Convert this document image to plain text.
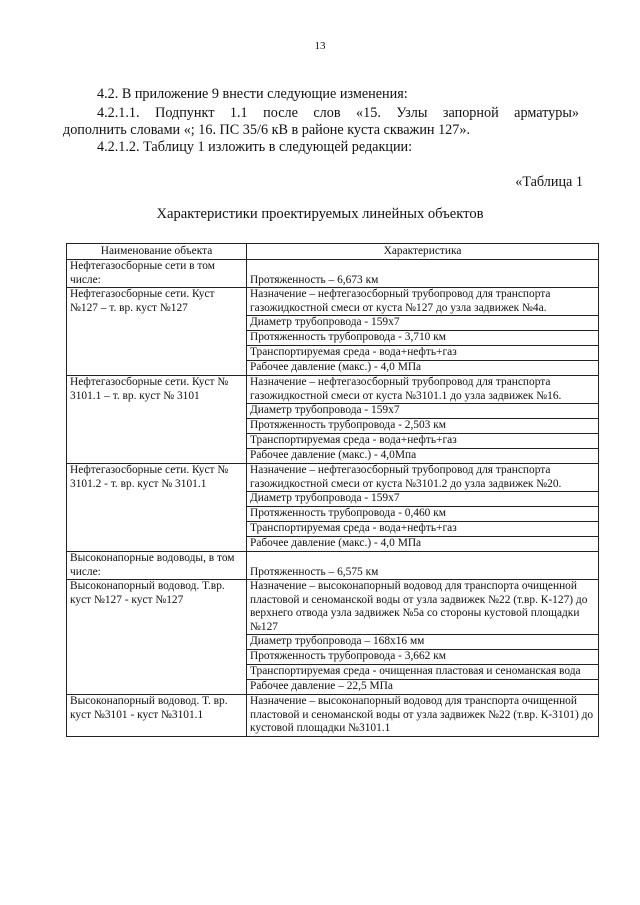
13
4.2. В приложение 9 внести следующие изменения:
4.2.1.1. Подпункт 1.1 после слов «15. Узлы запорной арматуры»
дополнить словами «; 16. ПС 35/6 кВ в районе куста скважин 127».
4.2.1.2. Таблицу 1 изложить в следующей редакции:
«Таблица 1
Характеристики проектируемых линейных объектов
Наименование объекта	Характеристика
Нефтегазосборные сети в том числе:	Протяженность – 6,673 км
Нефтегазосборные сети. Куст №127 – т. вр. куст №127	Назначение – нефтегазосборный трубопровод для транспорта газожидкостной смеси от куста №127 до узла задвижек №4а.
	Диаметр трубопровода - 159х7
	Протяженность трубопровода - 3,710 км
	Транспортируемая среда - вода+нефть+газ
	Рабочее давление (макс.) - 4,0 МПа
Нефтегазосборные сети. Куст № 3101.1 – т. вр. куст № 3101	Назначение – нефтегазосборный трубопровод для транспорта газожидкостной смеси от куста №3101.1 до узла задвижек №16.
	Диаметр трубопровода - 159х7
	Протяженность трубопровода - 2,503 км
	Транспортируемая среда - вода+нефть+газ
	Рабочее давление (макс.) - 4,0Мпа
Нефтегазосборные сети. Куст № 3101.2 - т. вр. куст № 3101.1	Назначение – нефтегазосборный трубопровод для транспорта газожидкостной смеси от куста №3101.2 до узла задвижек №20.
	Диаметр трубопровода - 159х7
	Протяженность трубопровода - 0,460 км
	Транспортируемая среда - вода+нефть+газ
	Рабочее давление (макс.) - 4,0 МПа
Высоконапорные водоводы, в том числе:	Протяженность – 6,575 км
Высоконапорный водовод. Т.вр. куст №127 - куст №127	Назначение – высоконапорный водовод для транспорта очищенной пластовой и сеноманской воды от узла задвижек №22 (т.вр. К-127) до верхнего отвода узла задвижек №5а со стороны кустовой площадки №127
	Диаметр трубопровода – 168х16 мм
	Протяженность трубопровода - 3,662 км
	Транспортируемая среда - очищенная пластовая и сеноманская вода
	Рабочее давление – 22,5 МПа
Высоконапорный водовод. Т. вр. куст №3101 - куст №3101.1	Назначение – высоконапорный водовод для транспорта очищенной пластовой и сеноманской воды от узла задвижек №22 (т.вр. К-3101) до кустовой площадки №3101.1
